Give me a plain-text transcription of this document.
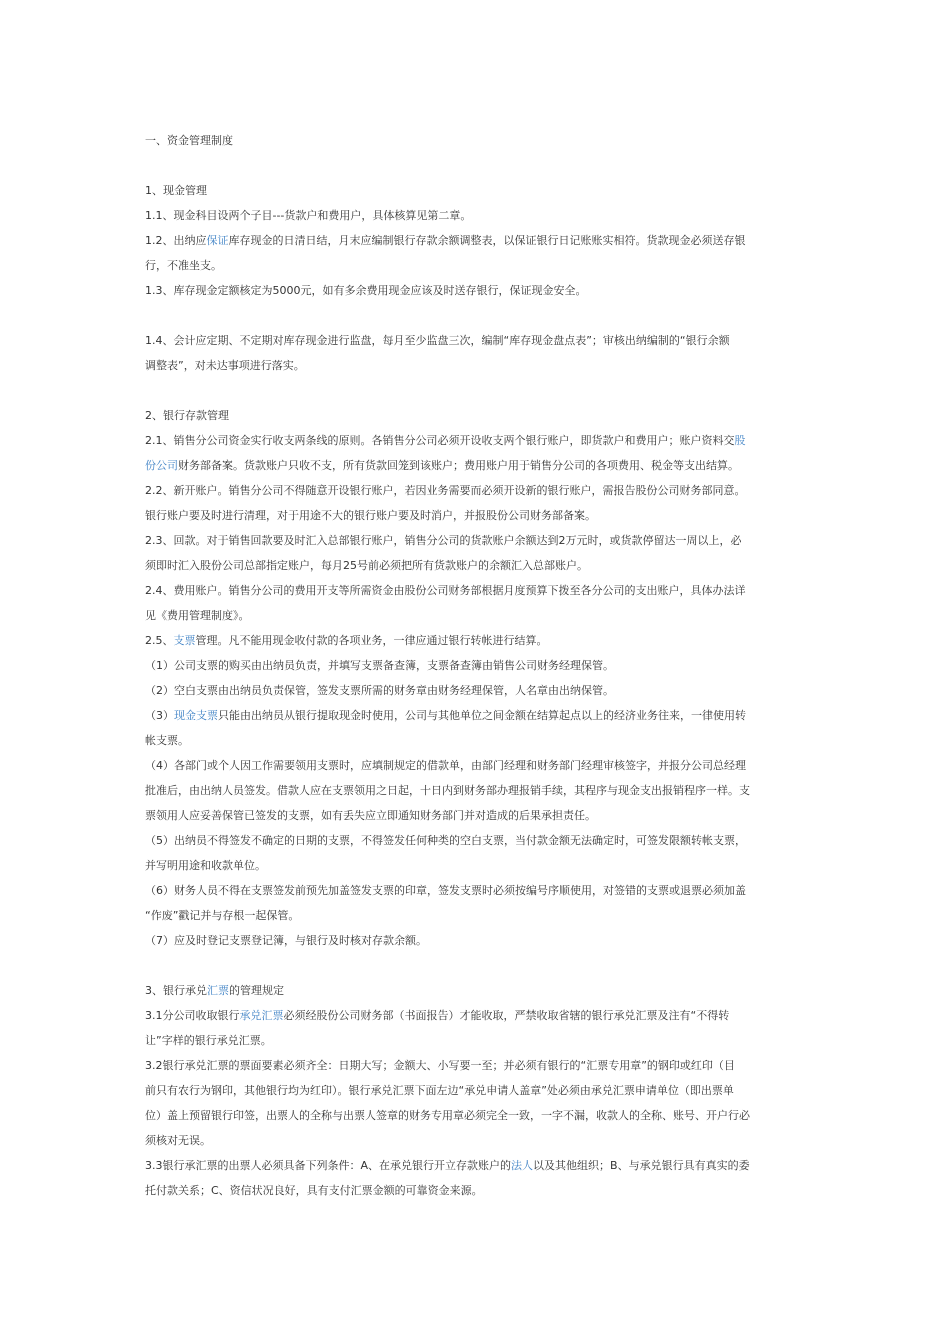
一、资金管理制度
1、现金管理
1.1、现金科目设两个子目---货款户和费用户，具体核算见第二章。
1.2、出纳应保证库存现金的日清日结，月末应编制银行存款余额调整表，以保证银行日记账账实相符。货款现金必须送存银
行，不准坐支。
1.3、库存现金定额核定为5000元，如有多余费用现金应该及时送存银行，保证现金安全。
1.4、会计应定期、不定期对库存现金进行监盘，每月至少监盘三次，编制“库存现金盘点表”；审核出纳编制的“银行余额
调整表”，对未达事项进行落实。
2、银行存款管理
2.1、销售分公司资金实行收支两条线的原则。各销售分公司必须开设收支两个银行账户，即货款户和费用户；账户资料交股
份公司财务部备案。货款账户只收不支，所有货款回笼到该账户；费用账户用于销售分公司的各项费用、税金等支出结算。
2.2、新开账户。销售分公司不得随意开设银行账户，若因业务需要而必须开设新的银行账户，需报告股份公司财务部同意。
银行账户要及时进行清理，对于用途不大的银行账户要及时消户，并报股份公司财务部备案。
2.3、回款。对于销售回款要及时汇入总部银行账户，销售分公司的货款账户余额达到2万元时，或货款停留达一周以上，必
须即时汇入股份公司总部指定账户，每月25号前必须把所有货款账户的余额汇入总部账户。
2.4、费用账户。销售分公司的费用开支等所需资金由股份公司财务部根据月度预算下拨至各分公司的支出账户，具体办法详
见《费用管理制度》。
2.5、支票管理。凡不能用现金收付款的各项业务，一律应通过银行转帐进行结算。
（1）公司支票的购买由出纳员负责，并填写支票备查簿，支票备查簿由销售公司财务经理保管。
（2）空白支票由出纳员负责保管，签发支票所需的财务章由财务经理保管，人名章由出纳保管。
（3）现金支票只能由出纳员从银行提取现金时使用，公司与其他单位之间金额在结算起点以上的经济业务往来，一律使用转
帐支票。
（4）各部门或个人因工作需要领用支票时，应填制规定的借款单，由部门经理和财务部门经理审核签字，并报分公司总经理
批准后，由出纳人员签发。借款人应在支票领用之日起，十日内到财务部办理报销手续，其程序与现金支出报销程序一样。支
票领用人应妥善保管已签发的支票，如有丢失应立即通知财务部门并对造成的后果承担责任。
（5）出纳员不得签发不确定的日期的支票，不得签发任何种类的空白支票，当付款金额无法确定时，可签发限额转帐支票，
并写明用途和收款单位。
（6）财务人员不得在支票签发前预先加盖签发支票的印章，签发支票时必须按编号序顺使用，对签错的支票或退票必须加盖
“作废”戳记并与存根一起保管。
（7）应及时登记支票登记簿，与银行及时核对存款余额。
3、银行承兑汇票的管理规定
3.1分公司收取银行承兑汇票必须经股份公司财务部（书面报告）才能收取，严禁收取省辖的银行承兑汇票及注有“不得转
让”字样的银行承兑汇票。
3.2银行承兑汇票的票面要素必须齐全：日期大写；金额大、小写要一至；并必须有银行的“汇票专用章”的钢印或红印（目
前只有农行为钢印，其他银行均为红印）。银行承兑汇票下面左边“承兑申请人盖章”处必须由承兑汇票申请单位（即出票单
位）盖上预留银行印签，出票人的全称与出票人签章的财务专用章必须完全一致，一字不漏，收款人的全称、账号、开户行必
须核对无误。
3.3银行承汇票的出票人必须具备下列条件：A、在承兑银行开立存款账户的法人以及其他组织；B、与承兑银行具有真实的委
托付款关系；C、资信状况良好，具有支付汇票金额的可靠资金来源。
